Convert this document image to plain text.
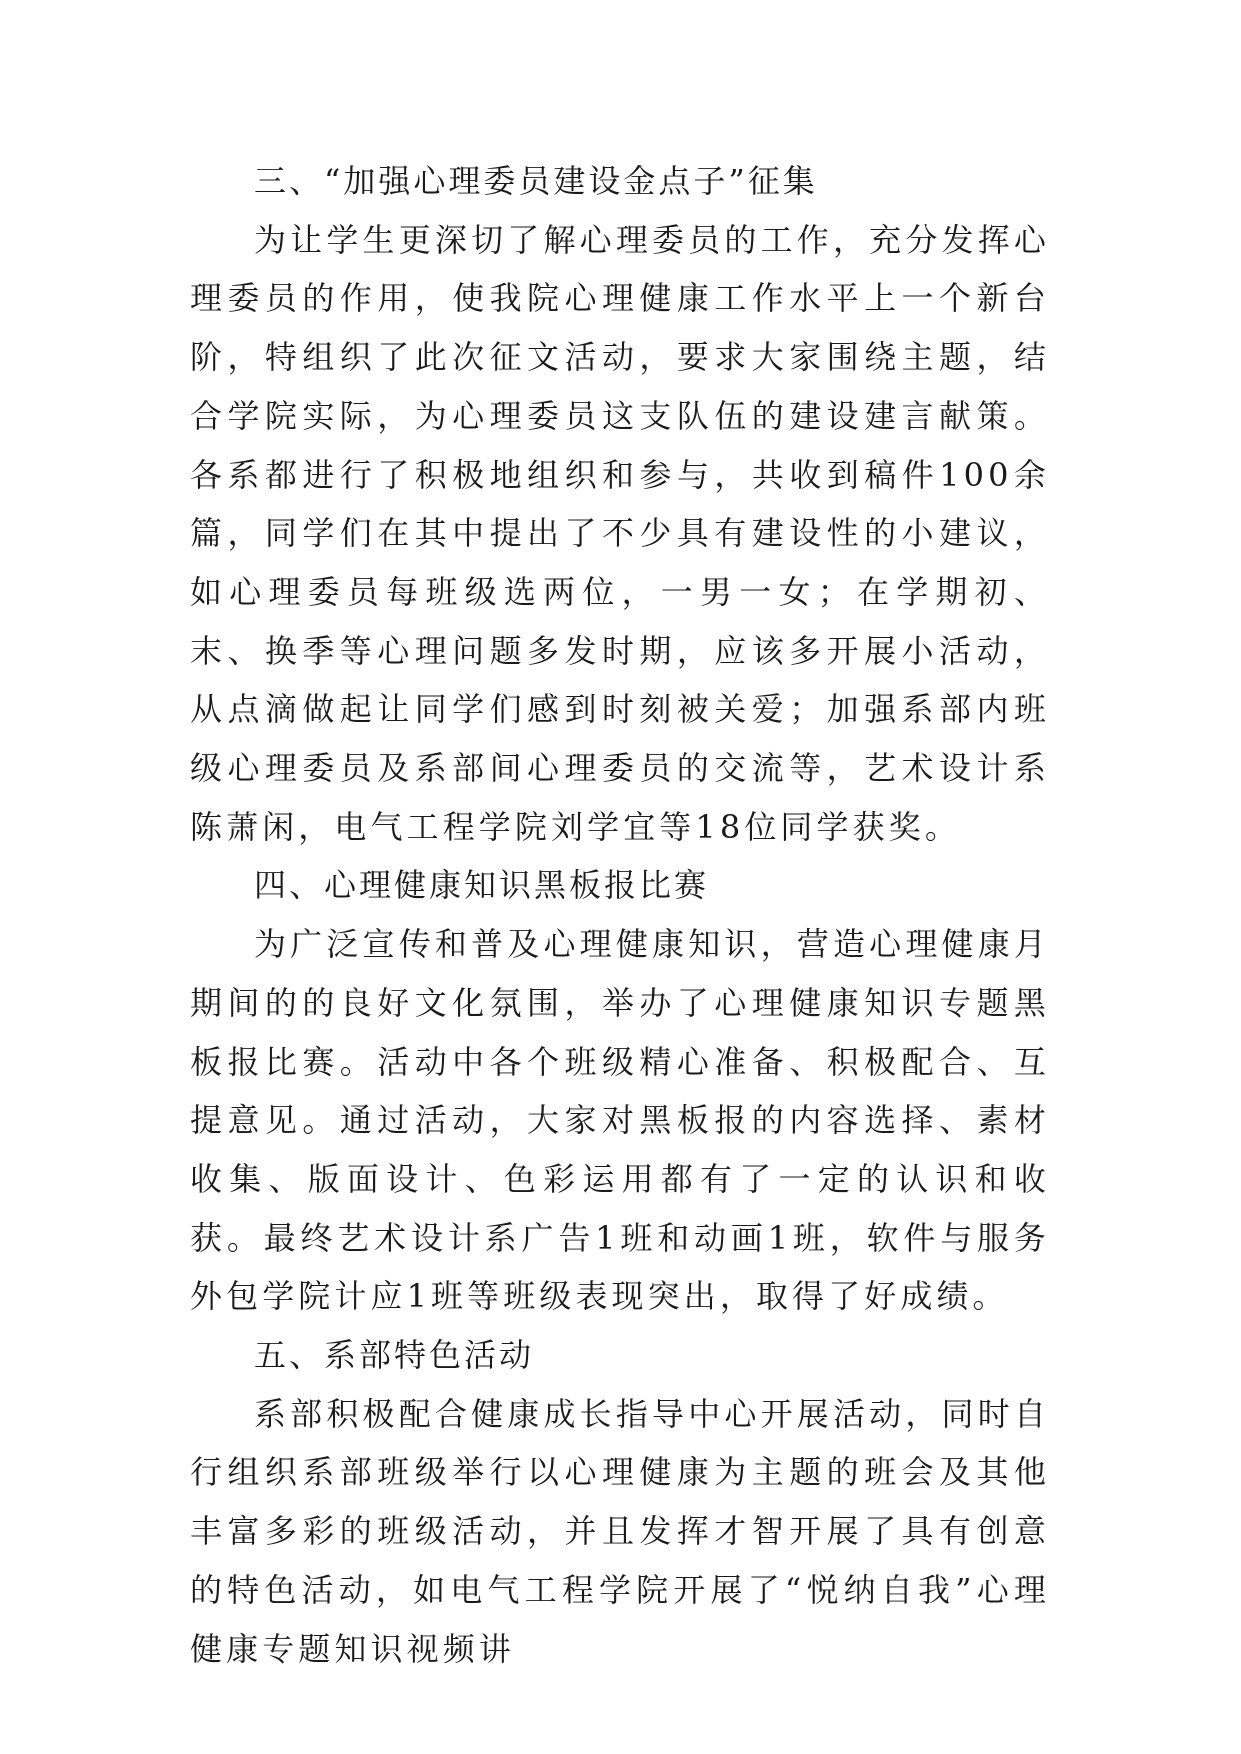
三、“加强心理委员建设金点子”征集

为让学生更深切了解心理委员的工作，充分发挥心理委员的作用，使我院心理健康工作水平上一个新台阶，特组织了此次征文活动，要求大家围绕主题，结合学院实际，为心理委员这支队伍的建设建言献策。各系都进行了积极地组织和参与，共收到稿件100余篇，同学们在其中提出了不少具有建设性的小建议，如心理委员每班级选两位，一男一女；在学期初、末、换季等心理问题多发时期，应该多开展小活动，从点滴做起让同学们感到时刻被关爱；加强系部内班级心理委员及系部间心理委员的交流等，艺术设计系陈萧闲，电气工程学院刘学宜等18位同学获奖。

四、心理健康知识黑板报比赛

为广泛宣传和普及心理健康知识，营造心理健康月期间的的良好文化氛围，举办了心理健康知识专题黑板报比赛。活动中各个班级精心准备、积极配合、互提意见。通过活动，大家对黑板报的内容选择、素材收集、版面设计、色彩运用都有了一定的认识和收获。最终艺术设计系广告1班和动画1班，软件与服务外包学院计应1班等班级表现突出，取得了好成绩。

五、系部特色活动

系部积极配合健康成长指导中心开展活动，同时自行组织系部班级举行以心理健康为主题的班会及其他丰富多彩的班级活动，并且发挥才智开展了具有创意的特色活动，如电气工程学院开展了“悦纳自我”心理健康专题知识视频讲
